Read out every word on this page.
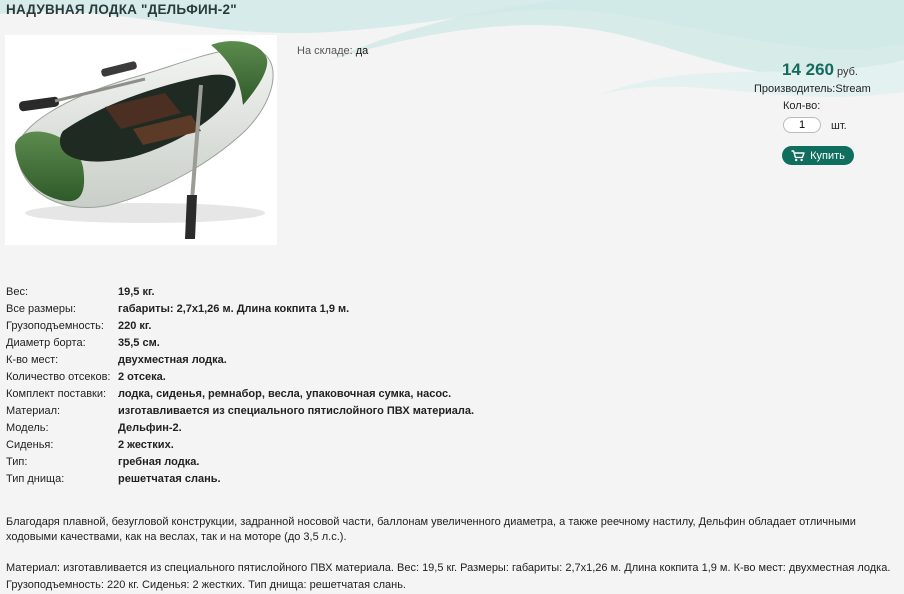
НАДУВНАЯ ЛОДКА "ДЕЛЬФИН-2"
На складе: да
14 260 руб.
Производитель:Stream
Кол-во:
1
шт.
Купить
Вес:	19,5 кг.
Все размеры:	габариты: 2,7х1,26 м. Длина кокпита 1,9 м.
Грузоподъемность:	220 кг.
Диаметр борта:	35,5 см.
К-во мест:	двухместная лодка.
Количество отсеков:	2 отсека.
Комплект поставки:	лодка, сиденья, ремнабор, весла, упаковочная сумка, насос.
Материал:	изготавливается из специального пятислойного ПВХ материала.
Модель:	Дельфин-2.
Сиденья:	2 жестких.
Тип:	гребная лодка.
Тип днища:	решетчатая слань.

Благодаря плавной, безугловой конструкции, задранной носовой части, баллонам увеличенного диаметра, а также реечному настилу, Дельфин обладает отличными ходовыми качествами, как на веслах, так и на моторе (до 3,5 л.с.).

Материал: изготавливается из специального пятислойного ПВХ материала. Вес: 19,5 кг. Размеры: габариты: 2,7х1,26 м. Длина кокпита 1,9 м. К-во мест: двухместная лодка. Грузоподъемность: 220 кг. Сиденья: 2 жестких. Тип днища: решетчатая слань.
